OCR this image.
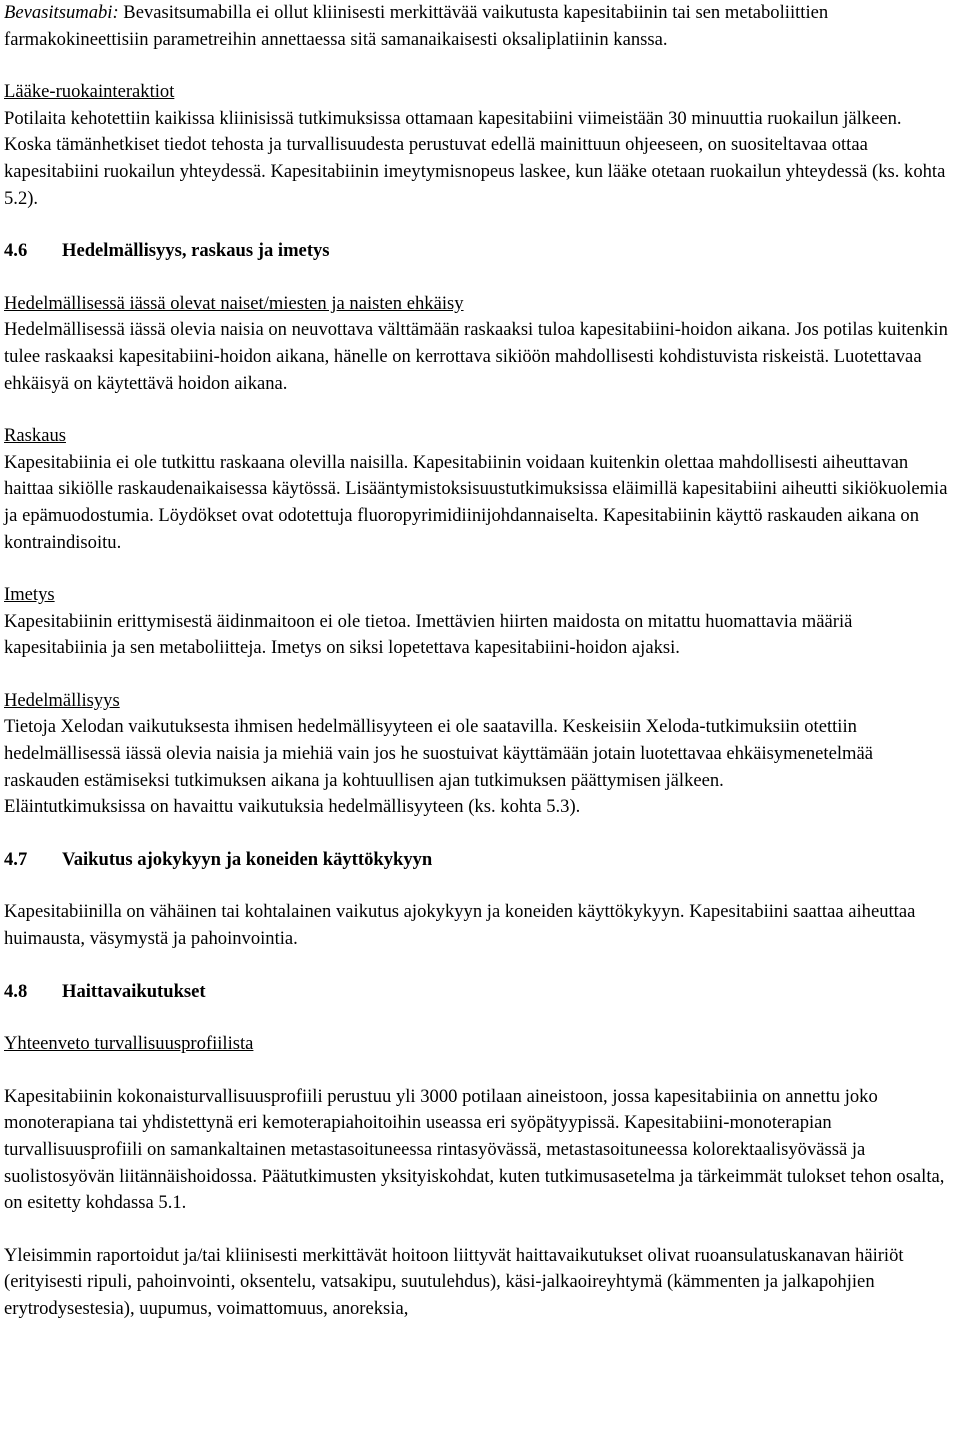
Bevasitsumabi: Bevasitsumabilla ei ollut kliinisesti merkittävää vaikutusta kapesitabiinin tai sen metaboliittien farmakokineettisiin parametreihin annettaessa sitä samanaikaisesti oksaliplatiinin kanssa.

Lääke-ruokainteraktiot

Potilaita kehotettiin kaikissa kliinisissä tutkimuksissa ottamaan kapesitabiini viimeistään 30 minuuttia ruokailun jälkeen. Koska tämänhetkiset tiedot tehosta ja turvallisuudesta perustuvat edellä mainittuun ohjeeseen, on suositeltavaa ottaa kapesitabiini ruokailun yhteydessä. Kapesitabiinin imeytymisnopeus laskee, kun lääke otetaan ruokailun yhteydessä (ks. kohta 5.2).

4.6	Hedelmällisyys, raskaus ja imetys

Hedelmällisessä iässä olevat naiset/miesten ja naisten ehkäisy

Hedelmällisessä iässä olevia naisia on neuvottava välttämään raskaaksi tuloa kapesitabiini-hoidon aikana. Jos potilas kuitenkin tulee raskaaksi kapesitabiini-hoidon aikana, hänelle on kerrottava sikiöön mahdollisesti kohdistuvista riskeistä. Luotettavaa ehkäisyä on käytettävä hoidon aikana.

Raskaus

Kapesitabiinia ei ole tutkittu raskaana olevilla naisilla. Kapesitabiinin voidaan kuitenkin olettaa mahdollisesti aiheuttavan haittaa sikiölle raskaudenaikaisessa käytössä. Lisääntymistoksisuustutkimuksissa eläimillä kapesitabiini aiheutti sikiökuolemia ja epämuodostumia. Löydökset ovat odotettuja fluoropyrimidiinijohdannaiselta. Kapesitabiinin käyttö raskauden aikana on kontraindisoitu.

Imetys

Kapesitabiinin erittymisestä äidinmaitoon ei ole tietoa. Imettävien hiirten maidosta on mitattu huomattavia määriä kapesitabiinia ja sen metaboliitteja. Imetys on siksi lopetettava kapesitabiini-hoidon ajaksi.

Hedelmällisyys

Tietoja Xelodan vaikutuksesta ihmisen hedelmällisyyteen ei ole saatavilla. Keskeisiin Xeloda-tutkimuksiin otettiin hedelmällisessä iässä olevia naisia ja miehiä vain jos he suostuivat käyttämään jotain luotettavaa ehkäisymenetelmää raskauden estämiseksi tutkimuksen aikana ja kohtuullisen ajan tutkimuksen päättymisen jälkeen.

Eläintutkimuksissa on havaittu vaikutuksia hedelmällisyyteen (ks. kohta 5.3).

4.7	Vaikutus ajokykyyn ja koneiden käyttökykyyn

Kapesitabiinilla on vähäinen tai kohtalainen vaikutus ajokykyyn ja koneiden käyttökykyyn. Kapesitabiini saattaa aiheuttaa huimausta, väsymystä ja pahoinvointia.

4.8	Haittavaikutukset

Yhteenveto turvallisuusprofiilista

Kapesitabiinin kokonaisturvallisuusprofiili perustuu yli 3000 potilaan aineistoon, jossa kapesitabiinia on annettu joko monoterapiana tai yhdistettynä eri kemoterapiahoitoihin useassa eri syöpätyypissä. Kapesitabiini-monoterapian turvallisuusprofiili on samankaltainen metastasoituneessa rintasyövässä, metastasoituneessa kolorektaalisyövässä ja suolistosyövän liitännäishoidossa. Päätutkimusten yksityiskohdat, kuten tutkimusasetelma ja tärkeimmät tulokset tehon osalta, on esitetty kohdassa 5.1.

Yleisimmin raportoidut ja/tai kliinisesti merkittävät hoitoon liittyvät haittavaikutukset olivat ruoansulatuskanavan häiriöt (erityisesti ripuli, pahoinvointi, oksentelu, vatsakipu, suutulehdus), käsi-jalkaoireyhtymä (kämmenten ja jalkapohjien erytrodysestesia), uupumus, voimattomuus, anoreksia,
